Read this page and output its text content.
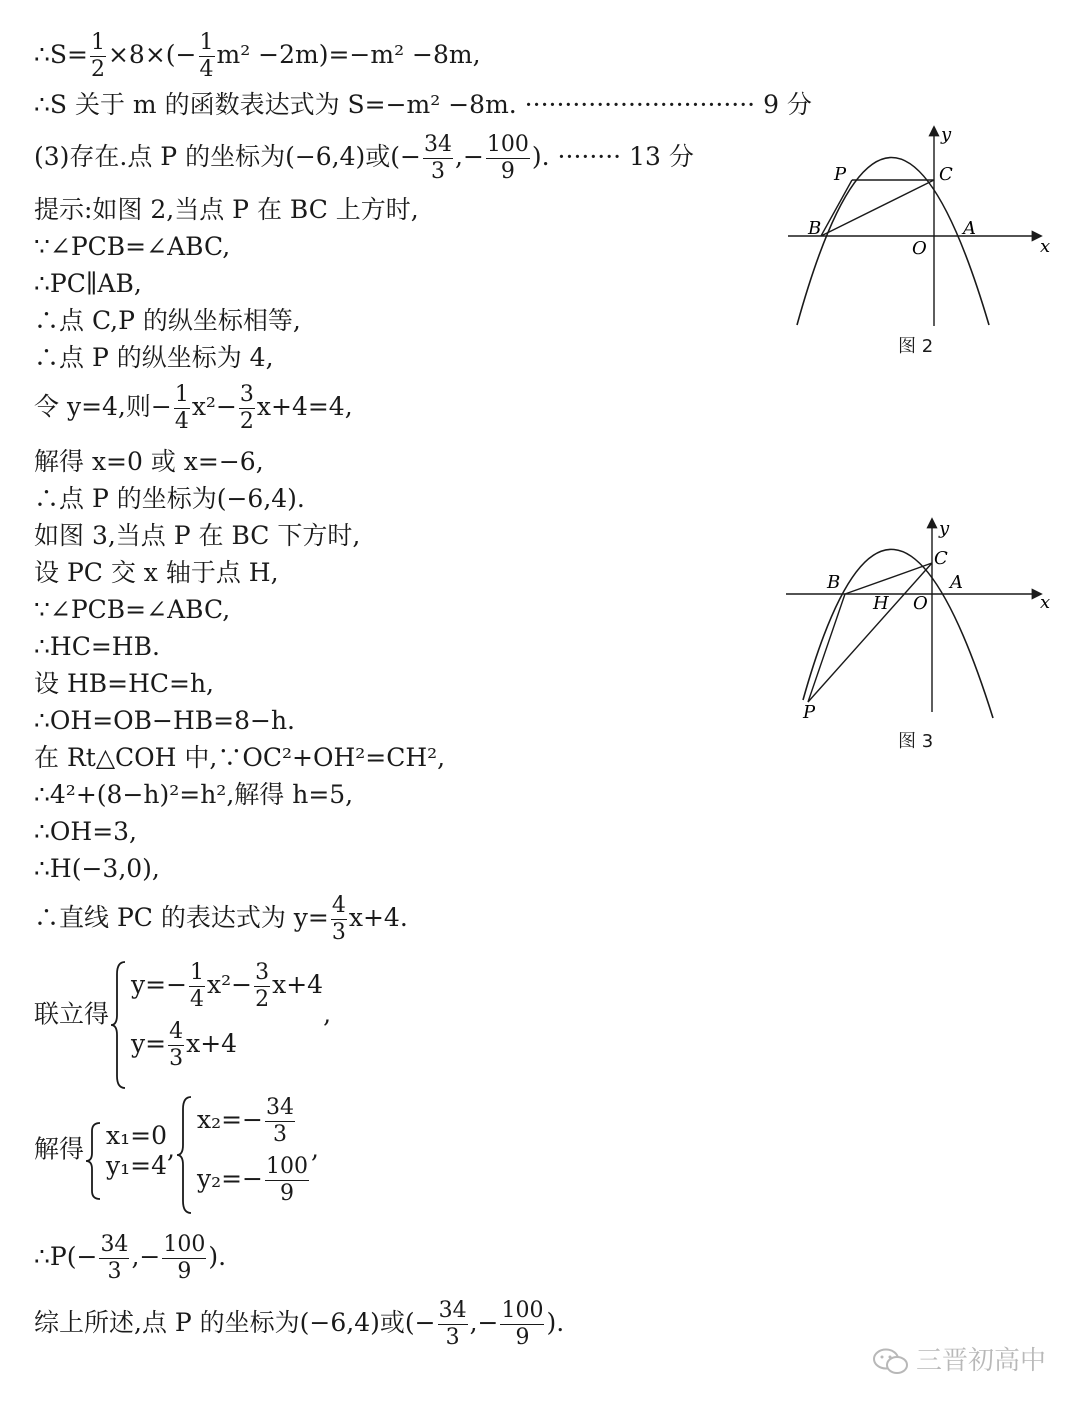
∴S= $\frac{1}{2} \times 8\times(- \frac{1}{4} m^2 -2m)=-m^2 -8m$,
∴S 关于 m 的函数表达式为 S=−m² −8m. ····························· 9 分
(3)存在.点 P 的坐标为(−6,4)或(− $\frac{34}{3}$ ,− $\frac{100}{9}$ ). ········ 13 分
提示:如图 2,当点 P 在 BC 上方时,
∵∠PCB=∠ABC,
∴PC∥AB,
∴点 C,P 的纵坐标相等,
∴点 P 的纵坐标为 4,
令 y=4,则− $\frac{1}{4} x^2- \frac{3}{2} x+4=4$,
解得 x=0 或 x=−6,
∴点 P 的坐标为(−6,4).
如图 3,当点 P 在 BC 下方时,
设 PC 交 x 轴于点 H,
∵∠PCB=∠ABC,
∴HC=HB.
设 HB=HC=h,
∴OH=OB−HB=8−h.
在 Rt△COH 中,∵OC²+OH²=CH²,
∴4²+(8−h)²=h²,解得 h=5,
∴OH=3,
∴H(−3,0),
∴直线 PC 的表达式为 $y= \frac{4}{3} x+4$.
联立得
$y=- \frac{1}{4} x^2- \frac{3}{2} x+4$
$y= \frac{4}{3} x+4$
,
解得 x₁=0
y₁=4
,
$x_2=- \frac{34}{3}$
$y_2=- \frac{100}{9}$
,
∴P(− $\frac{34}{3}$ ,− $\frac{100}{9}$ ).
综上所述,点 P 的坐标为(−6,4)或(− $\frac{34}{3}$ ,− $\frac{100}{9}$ ).
y
x
P	C
B	A
O
图 2
y
x
C
B	A
H O
P
图 3
三晋初高中
